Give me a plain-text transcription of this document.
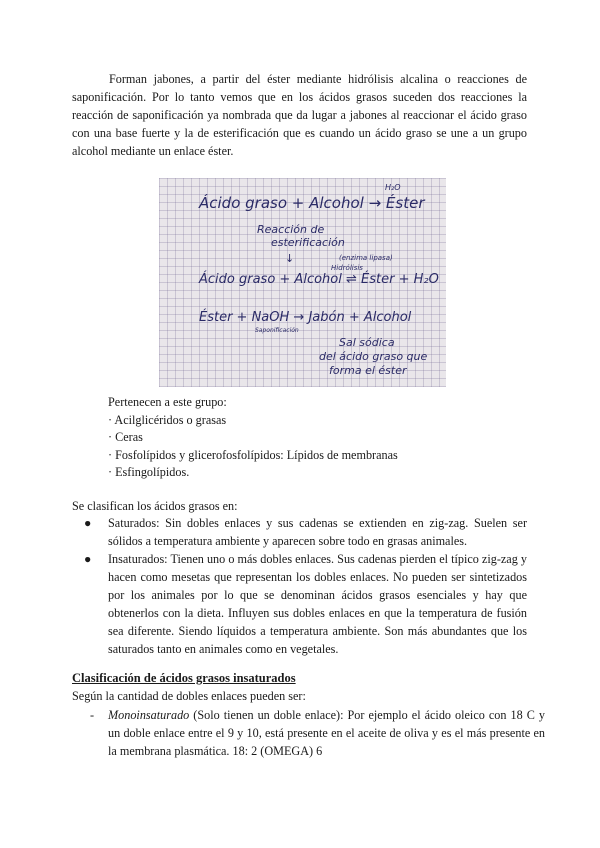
Forman jabones, a partir del éster mediante hidrólisis alcalina o reacciones de saponificación. Por lo tanto vemos que en los ácidos grasos suceden dos reacciones la reacción de saponificación ya nombrada que da lugar a jabones al reaccionar el ácido graso con una base fuerte y la de esterificación que es cuando un ácido graso se une a un grupo alcohol mediante un enlace éster.

H₂O
Ácido graso + Alcohol → Éster
Reacción de
esterificación
↓	(enzima lipasa)
Hidrólisis
Ácido graso + Alcohol ⇌ Éster + H₂O
Éster + NaOH → Jabón + Alcohol
Saponificación
Sal sódica
del ácido graso que
forma el éster
Pertenecen a este grupo:
· Acilglicéridos o grasas
· Ceras
· Fosfolípidos y glicerofosfolípidos: Lípidos de membranas
· Esfingolípidos.

Se clasifican los ácidos grasos en:

● Saturados: Sin dobles enlaces y sus cadenas se extienden en zig-zag. Suelen ser sólidos a temperatura ambiente y aparecen sobre todo en grasas animales.
● Insaturados: Tienen uno o más dobles enlaces. Sus cadenas pierden el típico zig-zag y hacen como mesetas que representan los dobles enlaces. No pueden ser sintetizados por los animales por lo que se denominan ácidos grasos esenciales y hay que obtenerlos con la dieta. Influyen sus dobles enlaces en que la temperatura de fusión sea diferente. Siendo líquidos a temperatura ambiente. Son más abundantes que los saturados tanto en animales como en vegetales.

Clasificación de ácidos grasos insaturados

Según la cantidad de dobles enlaces pueden ser:

- Monoinsaturado (Solo tienen un doble enlace): Por ejemplo el ácido oleico con 18 C y un doble enlace entre el 9 y 10, está presente en el aceite de oliva y es el más presente en la membrana plasmática. 18: 2 (OMEGA) 6
